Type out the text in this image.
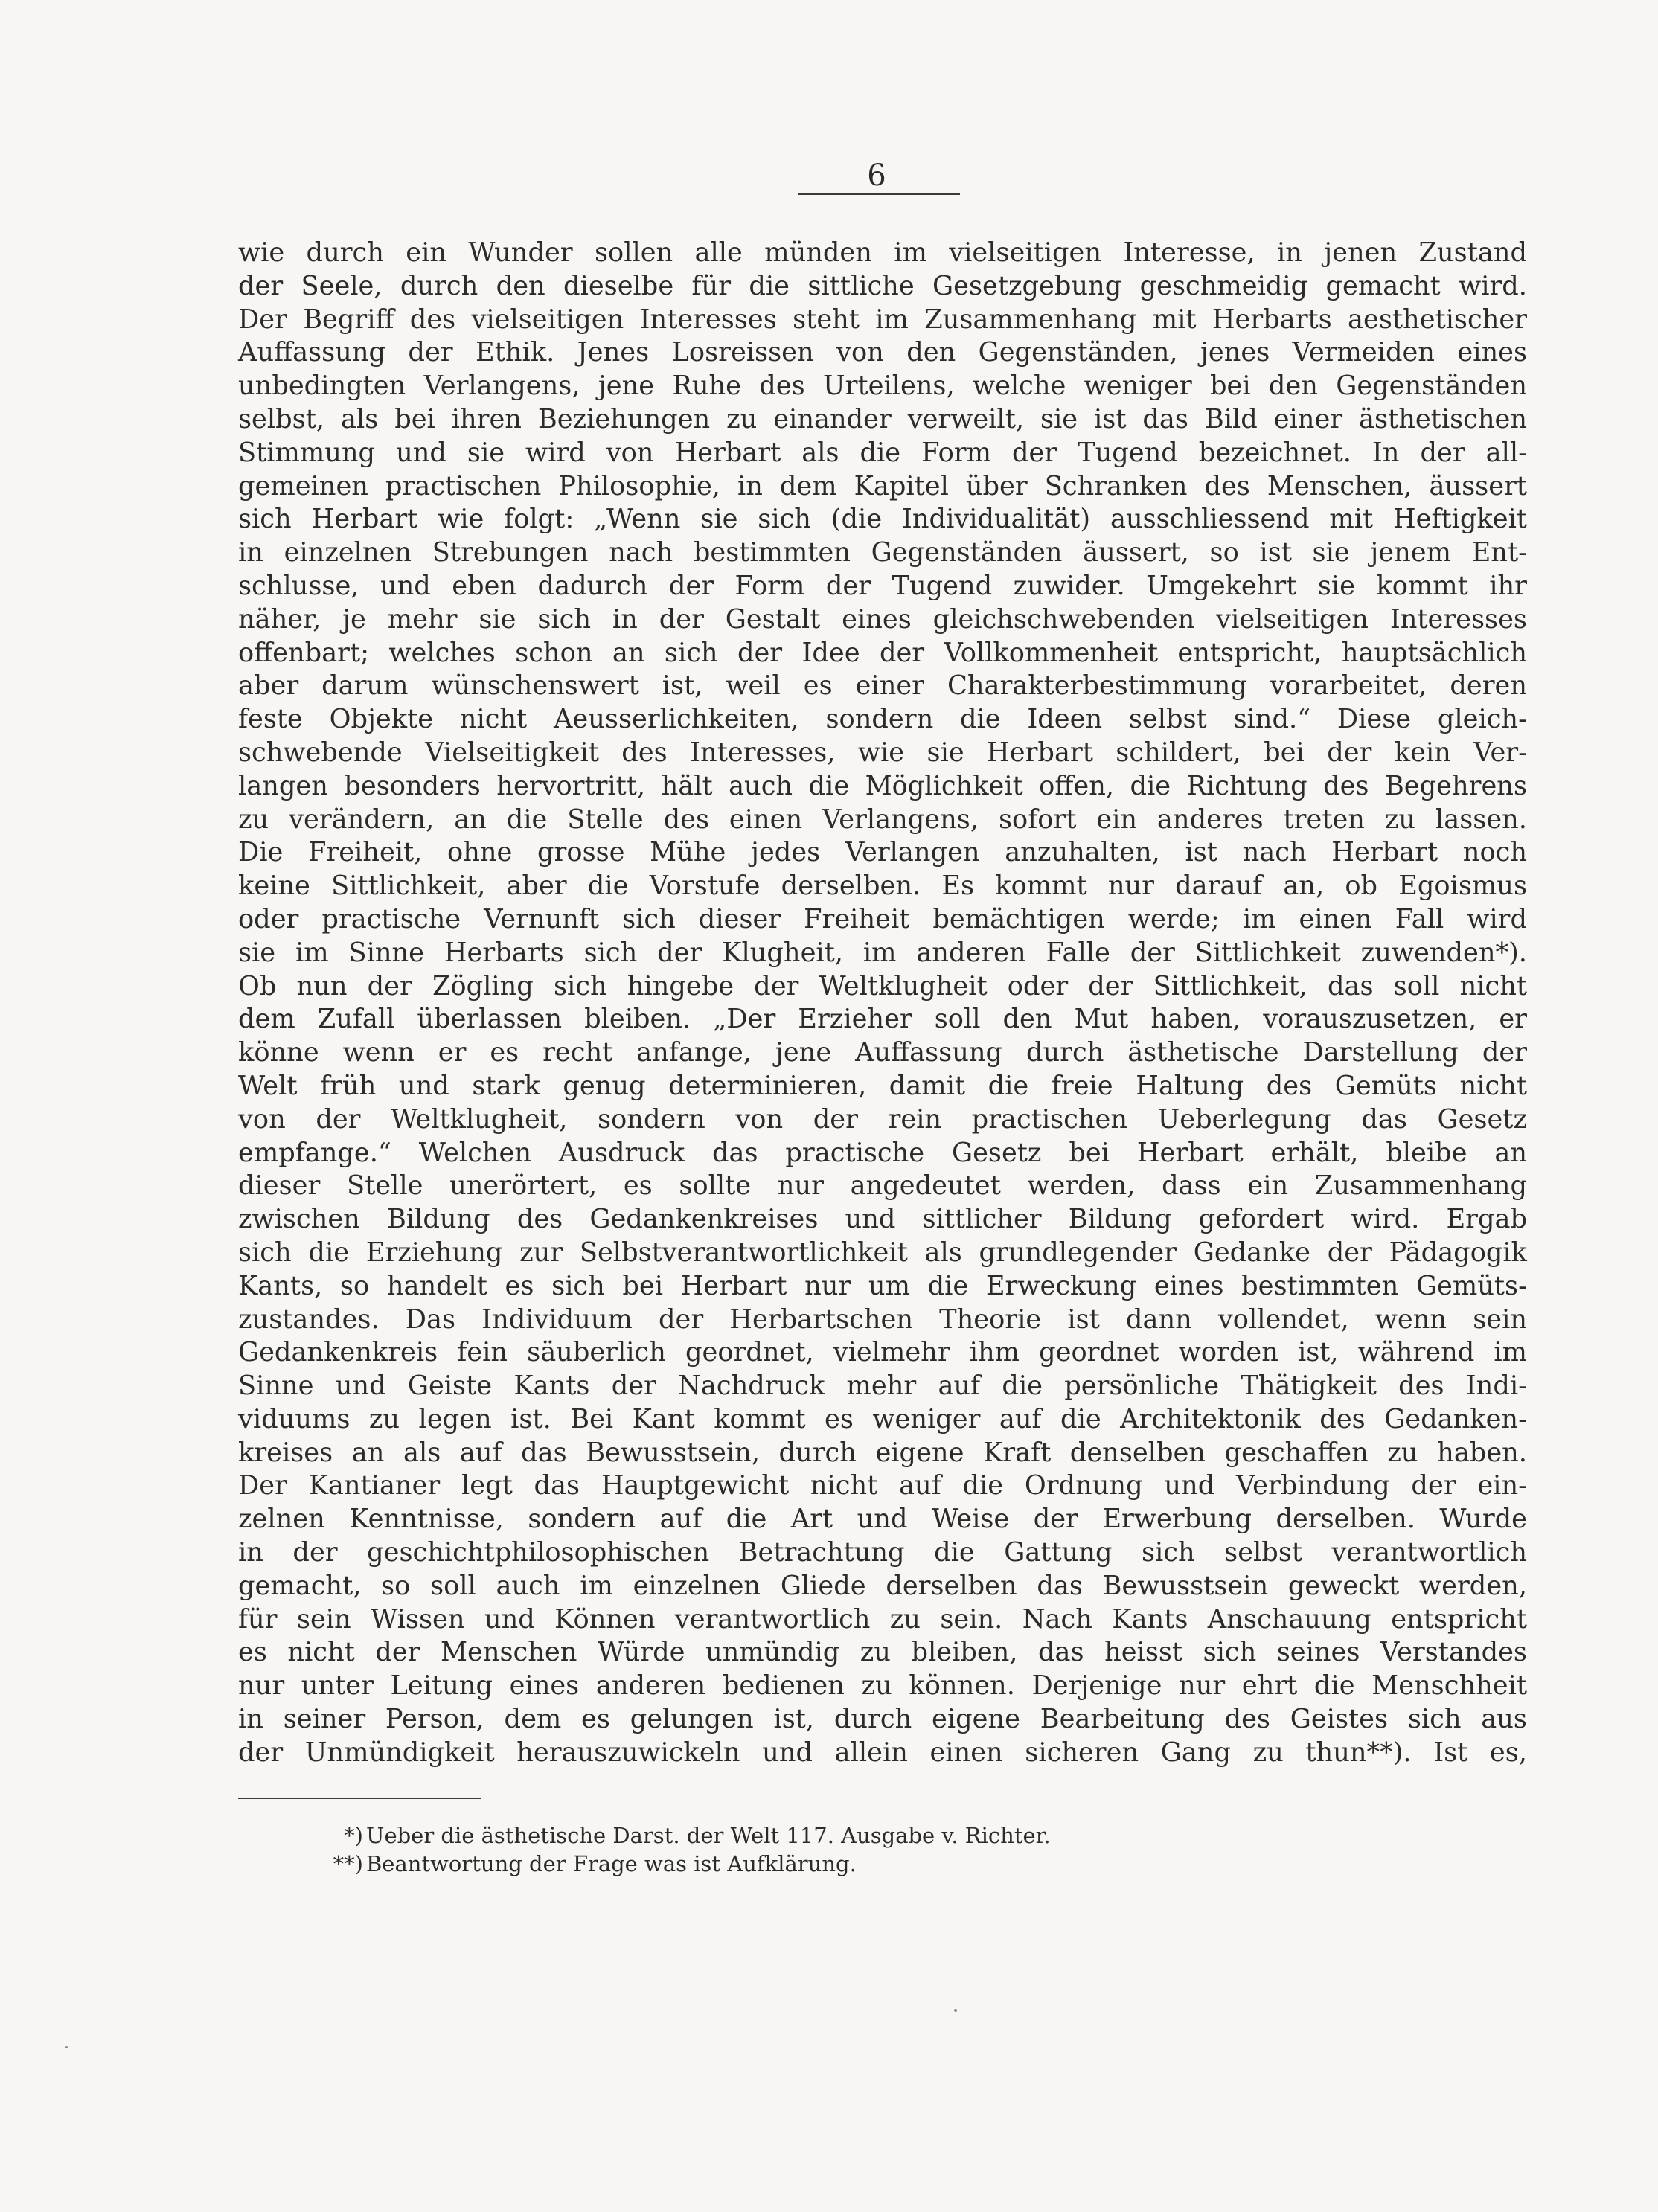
6
wie durch ein Wunder sollen alle münden im vielseitigen Interesse, in jenen Zustand
der Seele, durch den dieselbe für die sittliche Gesetzgebung geschmeidig gemacht wird.
Der Begriff des vielseitigen Interesses steht im Zusammenhang mit Herbarts aesthetischer
Auffassung der Ethik. Jenes Losreissen von den Gegenständen, jenes Vermeiden eines
unbedingten Verlangens, jene Ruhe des Urteilens, welche weniger bei den Gegenständen
selbst, als bei ihren Beziehungen zu einander verweilt, sie ist das Bild einer ästhetischen
Stimmung und sie wird von Herbart als die Form der Tugend bezeichnet. In der all-
gemeinen practischen Philosophie, in dem Kapitel über Schranken des Menschen, äussert
sich Herbart wie folgt: „Wenn sie sich (die Individualität) ausschliessend mit Heftigkeit
in einzelnen Strebungen nach bestimmten Gegenständen äussert, so ist sie jenem Ent-
schlusse, und eben dadurch der Form der Tugend zuwider. Umgekehrt sie kommt ihr
näher, je mehr sie sich in der Gestalt eines gleichschwebenden vielseitigen Interesses
offenbart; welches schon an sich der Idee der Vollkommenheit entspricht, hauptsächlich
aber darum wünschenswert ist, weil es einer Charakterbestimmung vorarbeitet, deren
feste Objekte nicht Aeusserlichkeiten, sondern die Ideen selbst sind.“ Diese gleich-
schwebende Vielseitigkeit des Interesses, wie sie Herbart schildert, bei der kein Ver-
langen besonders hervortritt, hält auch die Möglichkeit offen, die Richtung des Begehrens
zu verändern, an die Stelle des einen Verlangens, sofort ein anderes treten zu lassen.
Die Freiheit, ohne grosse Mühe jedes Verlangen anzuhalten, ist nach Herbart noch
keine Sittlichkeit, aber die Vorstufe derselben. Es kommt nur darauf an, ob Egoismus
oder practische Vernunft sich dieser Freiheit bemächtigen werde; im einen Fall wird
sie im Sinne Herbarts sich der Klugheit, im anderen Falle der Sittlichkeit zuwenden*).
Ob nun der Zögling sich hingebe der Weltklugheit oder der Sittlichkeit, das soll nicht
dem Zufall überlassen bleiben. „Der Erzieher soll den Mut haben, vorauszusetzen, er
könne wenn er es recht anfange, jene Auffassung durch ästhetische Darstellung der
Welt früh und stark genug determinieren, damit die freie Haltung des Gemüts nicht
von der Weltklugheit, sondern von der rein practischen Ueberlegung das Gesetz
empfange.“ Welchen Ausdruck das practische Gesetz bei Herbart erhält, bleibe an
dieser Stelle unerörtert, es sollte nur angedeutet werden, dass ein Zusammenhang
zwischen Bildung des Gedankenkreises und sittlicher Bildung gefordert wird. Ergab
sich die Erziehung zur Selbstverantwortlichkeit als grundlegender Gedanke der Pädagogik
Kants, so handelt es sich bei Herbart nur um die Erweckung eines bestimmten Gemüts-
zustandes. Das Individuum der Herbartschen Theorie ist dann vollendet, wenn sein
Gedankenkreis fein säuberlich geordnet, vielmehr ihm geordnet worden ist, während im
Sinne und Geiste Kants der Nachdruck mehr auf die persönliche Thätigkeit des Indi-
viduums zu legen ist. Bei Kant kommt es weniger auf die Architektonik des Gedanken-
kreises an als auf das Bewusstsein, durch eigene Kraft denselben geschaffen zu haben.
Der Kantianer legt das Hauptgewicht nicht auf die Ordnung und Verbindung der ein-
zelnen Kenntnisse, sondern auf die Art und Weise der Erwerbung derselben. Wurde
in der geschichtphilosophischen Betrachtung die Gattung sich selbst verantwortlich
gemacht, so soll auch im einzelnen Gliede derselben das Bewusstsein geweckt werden,
für sein Wissen und Können verantwortlich zu sein. Nach Kants Anschauung entspricht
es nicht der Menschen Würde unmündig zu bleiben, das heisst sich seines Verstandes
nur unter Leitung eines anderen bedienen zu können. Derjenige nur ehrt die Menschheit
in seiner Person, dem es gelungen ist, durch eigene Bearbeitung des Geistes sich aus
der Unmündigkeit herauszuwickeln und allein einen sicheren Gang zu thun**). Ist es,
*) Ueber die ästhetische Darst. der Welt 117. Ausgabe v. Richter.
**) Beantwortung der Frage was ist Aufklärung.
